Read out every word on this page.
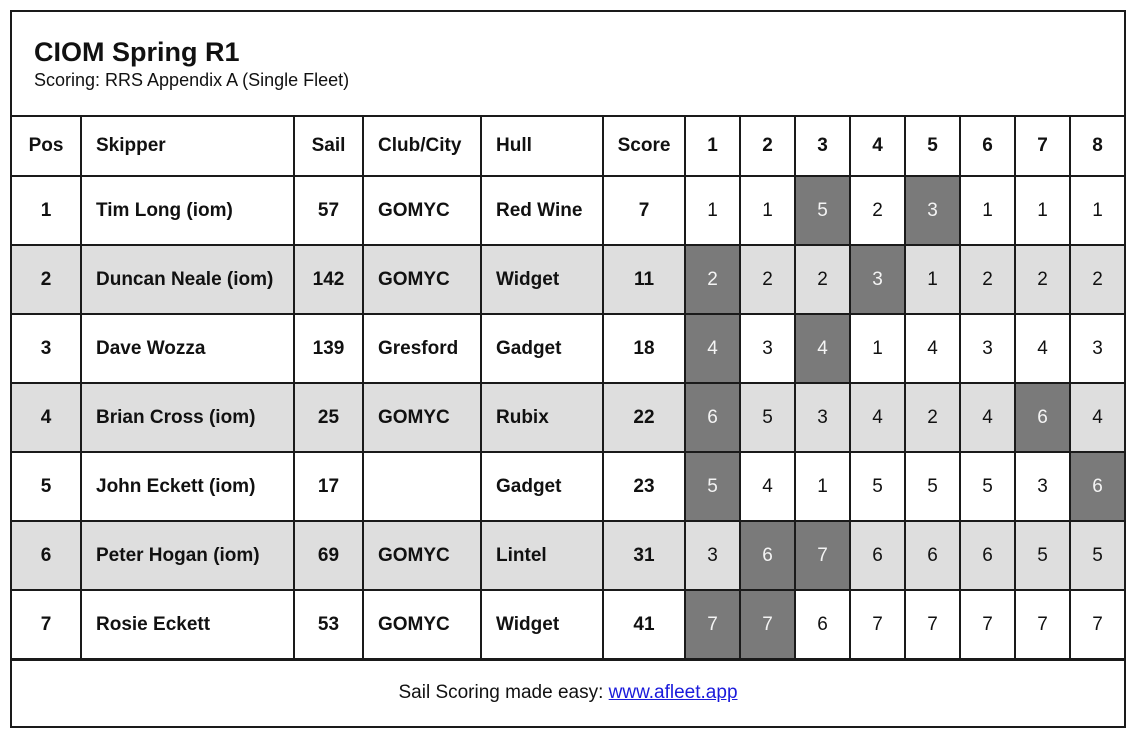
CIOM Spring R1
Scoring: RRS Appendix A (Single Fleet)
Pos	Skipper	Sail	Club/City	Hull	Score	1	2	3	4	5	6	7	8
1	Tim Long (iom)	57	GOMYC	Red Wine	7	1	1	5	2	3	1	1	1
2	Duncan Neale (iom)	142	GOMYC	Widget	11	2	2	2	3	1	2	2	2
3	Dave Wozza	139	Gresford	Gadget	18	4	3	4	1	4	3	4	3
4	Brian Cross (iom)	25	GOMYC	Rubix	22	6	5	3	4	2	4	6	4
5	John Eckett (iom)	17		Gadget	23	5	4	1	5	5	5	3	6
6	Peter Hogan (iom)	69	GOMYC	Lintel	31	3	6	7	6	6	6	5	5
7	Rosie Eckett	53	GOMYC	Widget	41	7	7	6	7	7	7	7	7
Sail Scoring made easy: www.afleet.app
